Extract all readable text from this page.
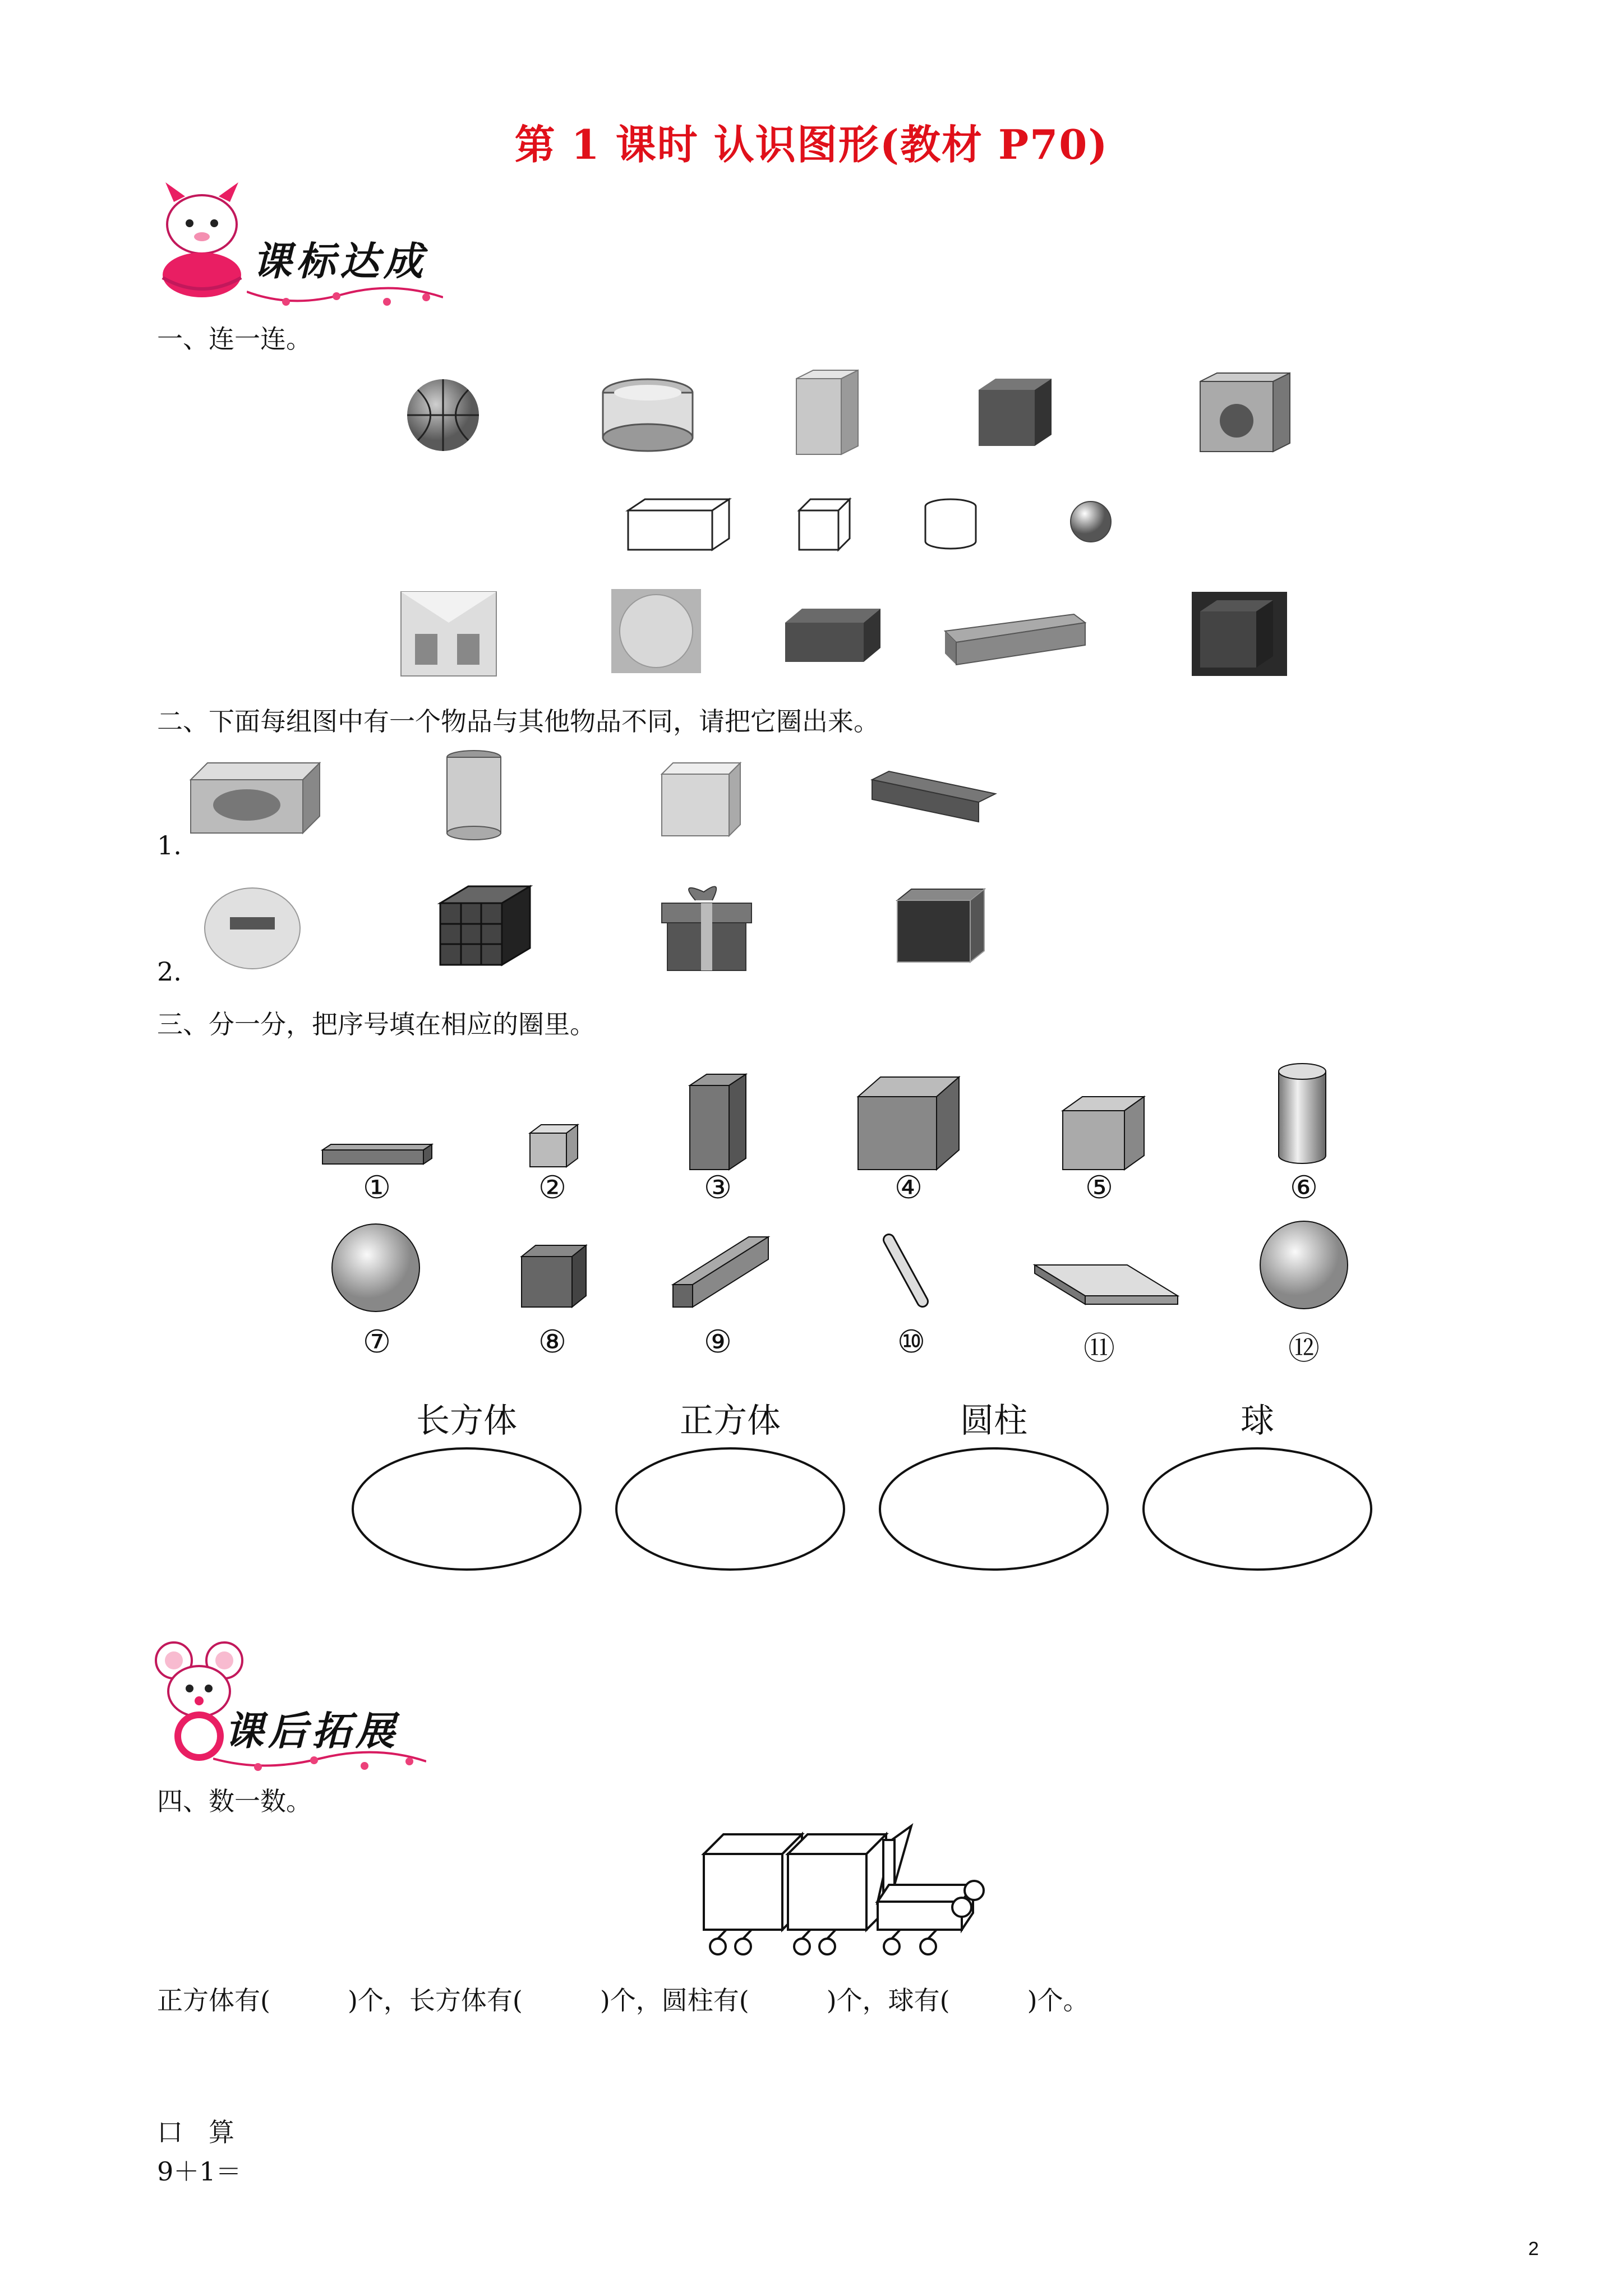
第 1 课时 认识图形(教材 P70)
课标达成
一、连一连。
二、下面每组图中有一个物品与其他物品不同，请把它圈出来。
1.
2.
三、分一分，把序号填在相应的圈里。
①	②	③	④	⑤	⑥
⑦	⑧	⑨	⑩	⑪	⑫
长方体	正方体	圆柱	球
课后拓展
四、数一数。
正方体有(　　　)个，长方体有(　　　)个，圆柱有(　　　)个，球有(　　　)个。
口　算
9＋1＝
2
